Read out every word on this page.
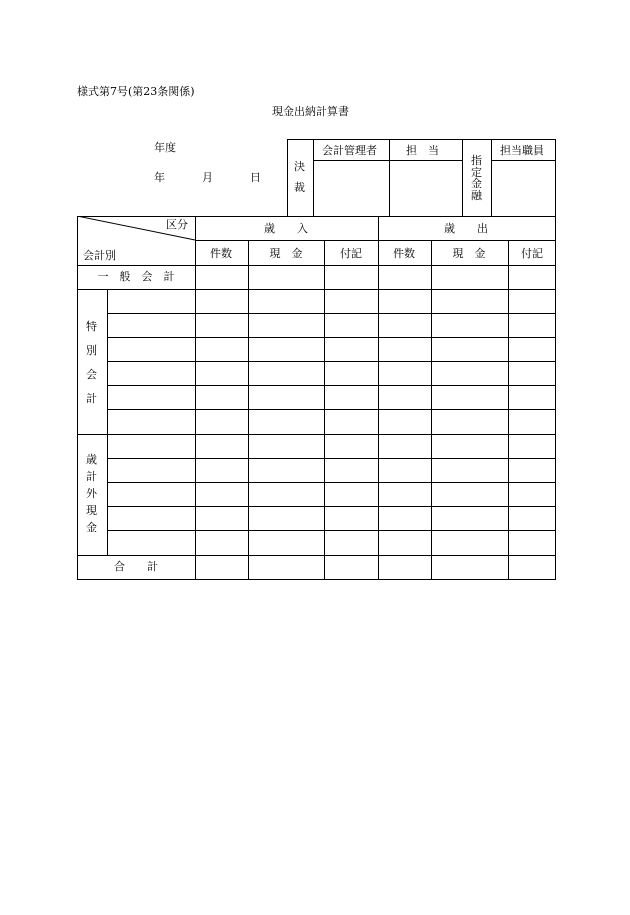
様式第7号(第23条関係)
現金出納計算書
年度
年	月	日
決
裁
会計管理者	担　当
指
定
金
融
担当職員
区分
会計別
歳　　入	歳　　出
件数	現　金	付記	件数	現　金	付記
一　般　会　計
特
別
会
計
歳
計
外
現
金
合　　計
